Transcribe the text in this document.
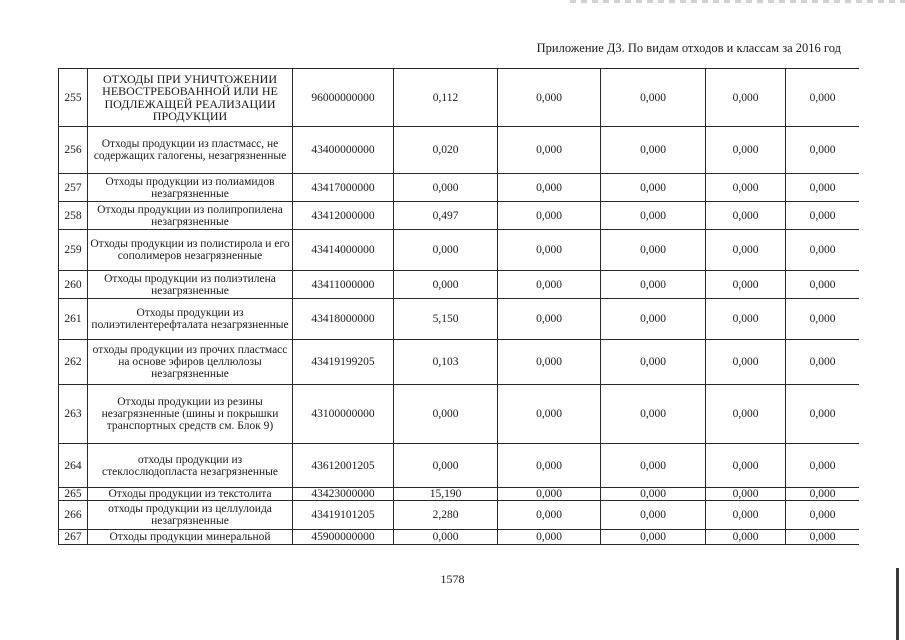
Приложение Д3. По видам отходов и классам за 2016 год
255	ОТХОДЫ ПРИ УНИЧТОЖЕНИИ НЕВОСТРЕБОВАННОЙ ИЛИ НЕ ПОДЛЕЖАЩЕЙ РЕАЛИЗАЦИИ ПРОДУКЦИИ	96000000000	0,112	0,000	0,000	0,000	0,000
256	Отходы продукции из пластмасс, не содержащих галогены, незагрязненные	43400000000	0,020	0,000	0,000	0,000	0,000
257	Отходы продукции из полиамидов незагрязненные	43417000000	0,000	0,000	0,000	0,000	0,000
258	Отходы продукции из полипропилена незагрязненные	43412000000	0,497	0,000	0,000	0,000	0,000
259	Отходы продукции из полистирола и его сополимеров незагрязненные	43414000000	0,000	0,000	0,000	0,000	0,000
260	Отходы продукции из полиэтилена незагрязненные	43411000000	0,000	0,000	0,000	0,000	0,000
261	Отходы продукции из полиэтилентерефталата незагрязненные	43418000000	5,150	0,000	0,000	0,000	0,000
262	отходы продукции из прочих пластмасс на основе эфиров целлюлозы незагрязненные	43419199205	0,103	0,000	0,000	0,000	0,000
263	Отходы продукции из резины незагрязненные (шины и покрышки транспортных средств см. Блок 9)	43100000000	0,000	0,000	0,000	0,000	0,000
264	отходы продукции из стеклослюдопласта незагрязненные	43612001205	0,000	0,000	0,000	0,000	0,000
265	Отходы продукции из текстолита	43423000000	15,190	0,000	0,000	0,000	0,000
266	отходы продукции из целлулоида незагрязненные	43419101205	2,280	0,000	0,000	0,000	0,000
267	Отходы продукции минеральной	45900000000	0,000	0,000	0,000	0,000	0,000
1578
